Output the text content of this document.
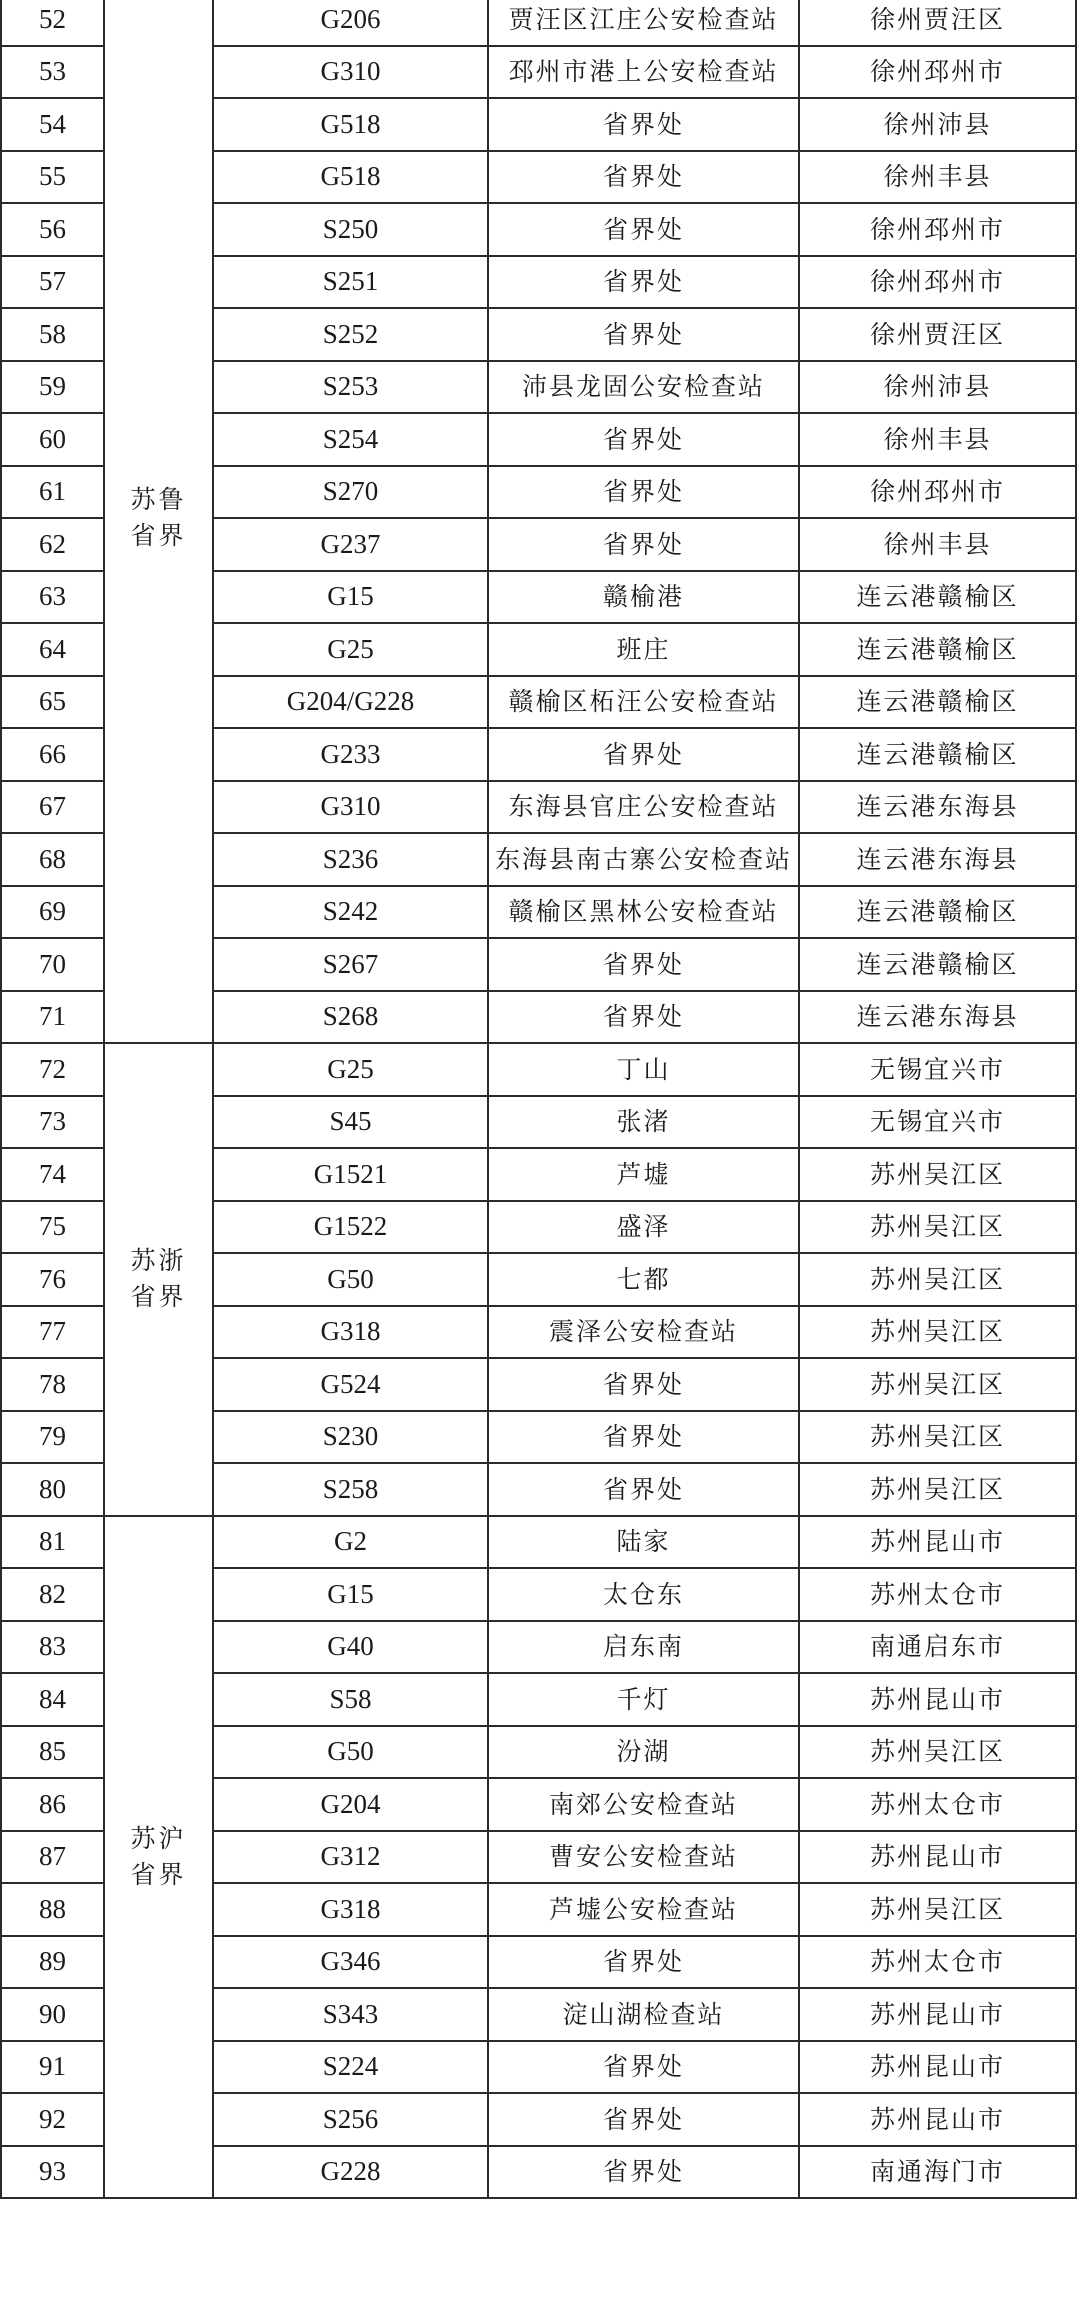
52	苏鲁省界	G206	贾汪区江庄公安检查站	徐州贾汪区
53		G310	邳州市港上公安检查站	徐州邳州市
54		G518	省界处	徐州沛县
55		G518	省界处	徐州丰县
56		S250	省界处	徐州邳州市
57		S251	省界处	徐州邳州市
58		S252	省界处	徐州贾汪区
59		S253	沛县龙固公安检查站	徐州沛县
60		S254	省界处	徐州丰县
61		S270	省界处	徐州邳州市
62		G237	省界处	徐州丰县
63		G15	赣榆港	连云港赣榆区
64		G25	班庄	连云港赣榆区
65		G204/G228	赣榆区柘汪公安检查站	连云港赣榆区
66		G233	省界处	连云港赣榆区
67		G310	东海县官庄公安检查站	连云港东海县
68		S236	东海县南古寨公安检查站	连云港东海县
69		S242	赣榆区黑林公安检查站	连云港赣榆区
70		S267	省界处	连云港赣榆区
71		S268	省界处	连云港东海县
72	苏浙省界	G25	丁山	无锡宜兴市
73		S45	张渚	无锡宜兴市
74		G1521	芦墟	苏州吴江区
75		G1522	盛泽	苏州吴江区
76		G50	七都	苏州吴江区
77		G318	震泽公安检查站	苏州吴江区
78		G524	省界处	苏州吴江区
79		S230	省界处	苏州吴江区
80		S258	省界处	苏州吴江区
81	苏沪省界	G2	陆家	苏州昆山市
82		G15	太仓东	苏州太仓市
83		G40	启东南	南通启东市
84		S58	千灯	苏州昆山市
85		G50	汾湖	苏州吴江区
86		G204	南郊公安检查站	苏州太仓市
87		G312	曹安公安检查站	苏州昆山市
88		G318	芦墟公安检查站	苏州吴江区
89		G346	省界处	苏州太仓市
90		S343	淀山湖检查站	苏州昆山市
91		S224	省界处	苏州昆山市
92		S256	省界处	苏州昆山市
93		G228	省界处	南通海门市
